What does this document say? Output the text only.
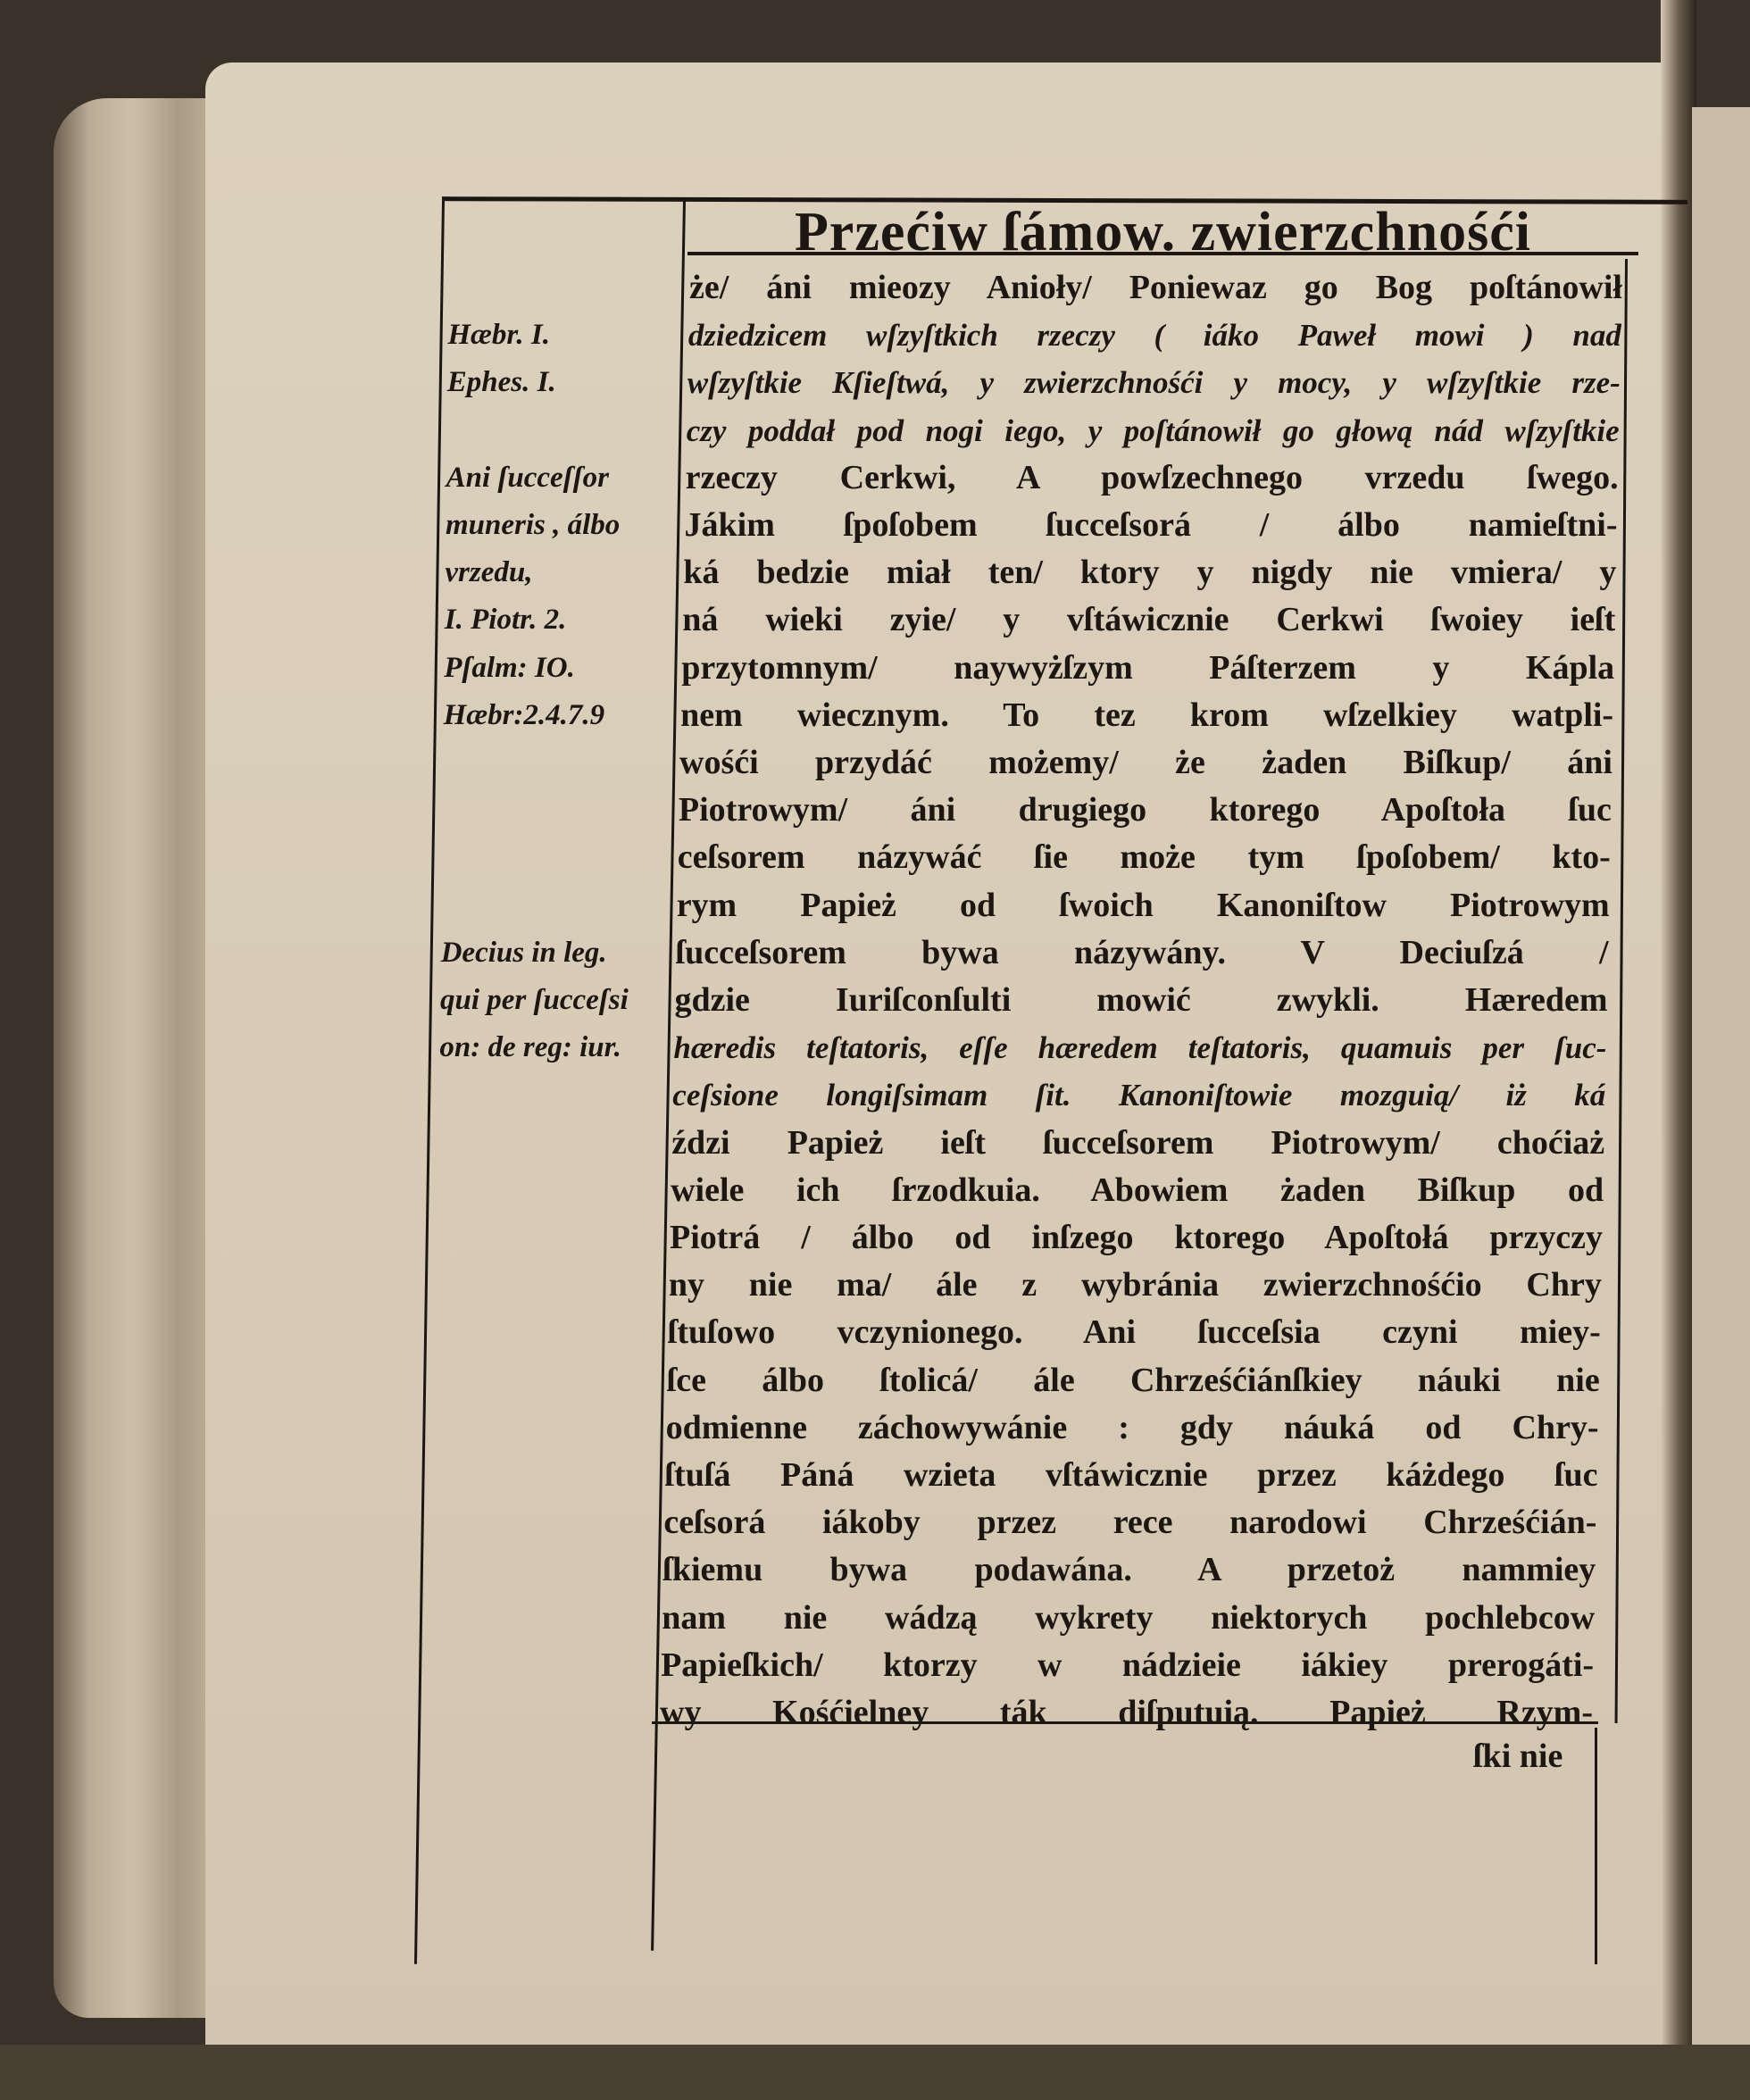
Przećiw ſámow. zwierzchnośći
że/ áni mieozy Anioły/ Poniewaz go Bog poſtánowił
dziedzicem wſzyſtkich rzeczy ( iáko Paweł mowi ) nad
wſzyſtkie Kſieſtwá, y zwierzchnośći y mocy, y wſzyſtkie rze-
czy poddał pod nogi iego, y poſtánowił go głową nád wſzyſtkie
rzeczy Cerkwi, A powſzechnego vrzedu ſwego.
Jákim ſpoſobem ſucceſsorá / álbo namieſtni-
ká bedzie miał ten/ ktory y nigdy nie vmiera/ y
ná wieki zyie/ y vſtáwicznie Cerkwi ſwoiey ieſt
przytomnym/ naywyżſzym Páſterzem y Kápla
nem wiecznym. To tez krom wſzelkiey watpli-
wośći przydáć możemy/ że żaden Biſkup/ áni
Piotrowym/ áni drugiego ktorego Apoſtoła ſuc
ceſsorem názywáć ſie może tym ſpoſobem/ kto-
rym Papież od ſwoich Kanoniſtow Piotrowym
ſucceſsorem bywa názywány. V Deciuſzá /
gdzie Iuriſconſulti mowić zwykli. Hæredem
hæredis teſtatoris, eſſe hæredem teſtatoris, quamuis per ſuc-
ceſsione longiſsimam ſit. Kanoniſtowie mozguią/ iż ká
ździ Papież ieſt ſucceſsorem Piotrowym/ choćiaż
wiele ich ſrzodkuia. Abowiem żaden Biſkup od
Piotrá / álbo od inſzego ktorego Apoſtołá przyczy
ny nie ma/ ále z wybránia zwierzchnośćio Chry
ſtuſowo vczynionego. Ani ſucceſsia czyni miey-
ſce álbo ſtolicá/ ále Chrześćiánſkiey náuki nie
odmienne záchowywánie : gdy náuká od Chry-
ſtuſá Páná wzieta vſtáwicznie przez káżdego ſuc
ceſsorá iákoby przez rece narodowi Chrześćián-
ſkiemu bywa podawána. A przetoż nammiey
nam nie wádzą wykrety niektorych pochlebcow
Papieſkich/ ktorzy w nádzieie iákiey prerogáti-
wy Kośćielney ták diſputuią. Papież Rzym-
Hæbr. I.
Ephes. I.
Ani ſucceſſor
muneris , álbo
vrzedu,
I. Piotr. 2.
Pſalm: IO.
Hæbr:2.4.7.9
Decius in leg.
qui per ſucceſsi
on: de reg: iur.
ſki nie
